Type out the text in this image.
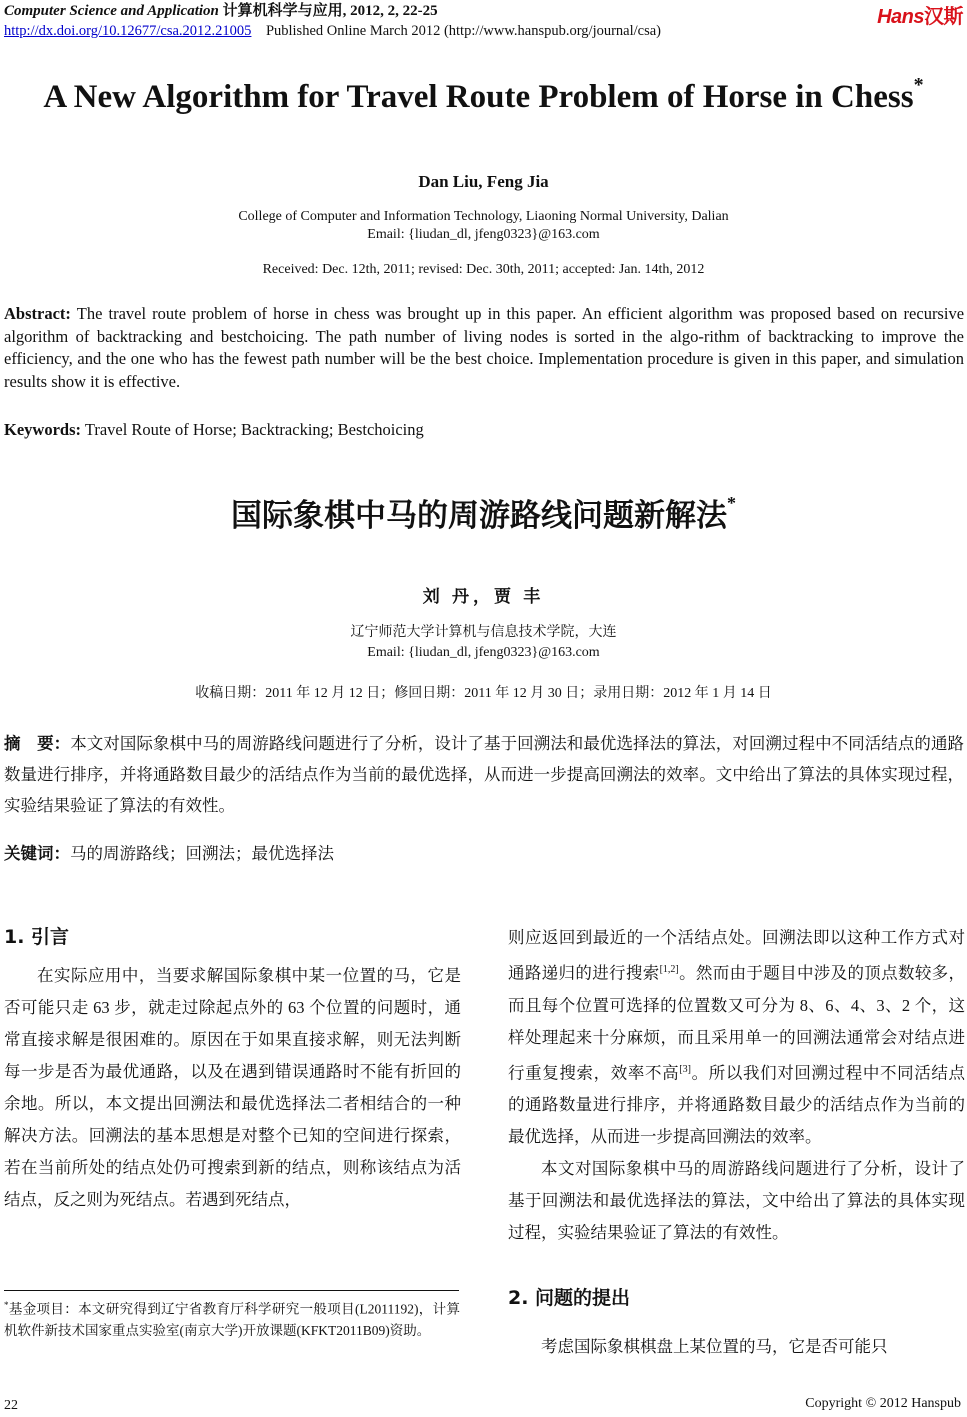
Computer Science and Application 计算机科学与应用, 2012, 2, 22-25
http://dx.doi.org/10.12677/csa.2012.21005 Published Online March 2012 (http://www.hanspub.org/journal/csa)
Hans汉斯
A New Algorithm for Travel Route Problem of Horse in Chess*
Dan Liu, Feng Jia
College of Computer and Information Technology, Liaoning Normal University, Dalian
Email: {liudan_dl, jfeng0323}@163.com
Received: Dec. 12th, 2011; revised: Dec. 30th, 2011; accepted: Jan. 14th, 2012
Abstract: The travel route problem of horse in chess was brought up in this paper. An efficient algorithm was proposed based on recursive algorithm of backtracking and bestchoicing. The path number of living nodes is sorted in the algo-rithm of backtracking to improve the efficiency, and the one who has the fewest path number will be the best choice. Implementation procedure is given in this paper, and simulation results show it is effective.
Keywords: Travel Route of Horse; Backtracking; Bestchoicing
国际象棋中马的周游路线问题新解法*
刘 丹，贾 丰
辽宁师范大学计算机与信息技术学院，大连
Email: {liudan_dl, jfeng0323}@163.com
收稿日期：2011 年 12 月 12 日；修回日期：2011 年 12 月 30 日；录用日期：2012 年 1 月 14 日
摘　要：本文对国际象棋中马的周游路线问题进行了分析，设计了基于回溯法和最优选择法的算法，对回溯过程中不同活结点的通路数量进行排序，并将通路数目最少的活结点作为当前的最优选择，从而进一步提高回溯法的效率。文中给出了算法的具体实现过程，实验结果验证了算法的有效性。
关键词：马的周游路线；回溯法；最优选择法
1. 引言

在实际应用中，当要求解国际象棋中某一位置的马，它是否可能只走 63 步，就走过除起点外的 63 个位置的问题时，通常直接求解是很困难的。原因在于如果直接求解，则无法判断每一步是否为最优通路，以及在遇到错误通路时不能有折回的余地。所以，本文提出回溯法和最优选择法二者相结合的一种解决方法。回溯法的基本思想是对整个已知的空间进行探索，若在当前所处的结点处仍可搜索到新的结点，则称该结点为活结点，反之则为死结点。若遇到死结点，

*基金项目：本文研究得到辽宁省教育厅科学研究一般项目(L2011192)，计算机软件新技术国家重点实验室(南京大学)开放课题(KFKT2011B09)资助。

则应返回到最近的一个活结点处。回溯法即以这种工作方式对通路递归的进行搜索[1,2]。然而由于题目中涉及的顶点数较多，而且每个位置可选择的位置数又可分为 8、6、4、3、2 个，这样处理起来十分麻烦，而且采用单一的回溯法通常会对结点进行重复搜索，效率不高[3]。所以我们对回溯过程中不同活结点的通路数量进行排序，并将通路数目最少的活结点作为当前的最优选择，从而进一步提高回溯法的效率。

本文对国际象棋中马的周游路线问题进行了分析，设计了基于回溯法和最优选择法的算法，文中给出了算法的具体实现过程，实验结果验证了算法的有效性。

2. 问题的提出
考虑国际象棋棋盘上某位置的马，它是否可能只
22	Copyright © 2012 Hanspub
